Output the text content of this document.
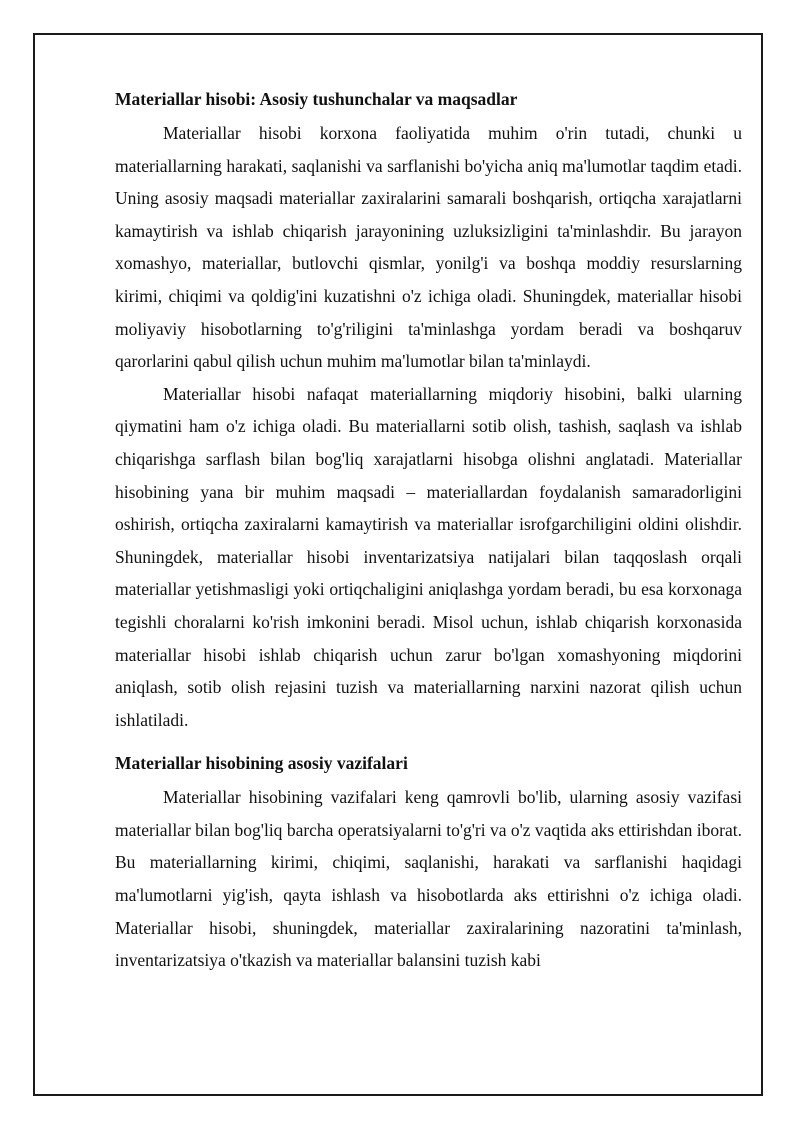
Materiallar hisobi: Asosiy tushunchalar va maqsadlar

Materiallar hisobi korxona faoliyatida muhim o'rin tutadi, chunki u materiallarning harakati, saqlanishi va sarflanishi bo'yicha aniq ma'lumotlar taqdim etadi. Uning asosiy maqsadi materiallar zaxiralarini samarali boshqarish, ortiqcha xarajatlarni kamaytirish va ishlab chiqarish jarayonining uzluksizligini ta'minlashdir. Bu jarayon xomashyo, materiallar, butlovchi qismlar, yonilg'i va boshqa moddiy resurslarning kirimi, chiqimi va qoldig'ini kuzatishni o'z ichiga oladi. Shuningdek, materiallar hisobi moliyaviy hisobotlarning to'g'riligini ta'minlashga yordam beradi va boshqaruv qarorlarini qabul qilish uchun muhim ma'lumotlar bilan ta'minlaydi.

Materiallar hisobi nafaqat materiallarning miqdoriy hisobini, balki ularning qiymatini ham o'z ichiga oladi. Bu materiallarni sotib olish, tashish, saqlash va ishlab chiqarishga sarflash bilan bog'liq xarajatlarni hisobga olishni anglatadi. Materiallar hisobining yana bir muhim maqsadi – materiallardan foydalanish samaradorligini oshirish, ortiqcha zaxiralarni kamaytirish va materiallar isrofgarchiligini oldini olishdir. Shuningdek, materiallar hisobi inventarizatsiya natijalari bilan taqqoslash orqali materiallar yetishmasligi yoki ortiqchaligini aniqlashga yordam beradi, bu esa korxonaga tegishli choralarni ko'rish imkonini beradi. Misol uchun, ishlab chiqarish korxonasida materiallar hisobi ishlab chiqarish uchun zarur bo'lgan xomashyoning miqdorini aniqlash, sotib olish rejasini tuzish va materiallarning narxini nazorat qilish uchun ishlatiladi.

Materiallar hisobining asosiy vazifalari

Materiallar hisobining vazifalari keng qamrovli bo'lib, ularning asosiy vazifasi materiallar bilan bog'liq barcha operatsiyalarni to'g'ri va o'z vaqtida aks ettirishdan iborat. Bu materiallarning kirimi, chiqimi, saqlanishi, harakati va sarflanishi haqidagi ma'lumotlarni yig'ish, qayta ishlash va hisobotlarda aks ettirishni o'z ichiga oladi. Materiallar hisobi, shuningdek, materiallar zaxiralarining nazoratini ta'minlash, inventarizatsiya o'tkazish va materiallar balansini tuzish kabi
